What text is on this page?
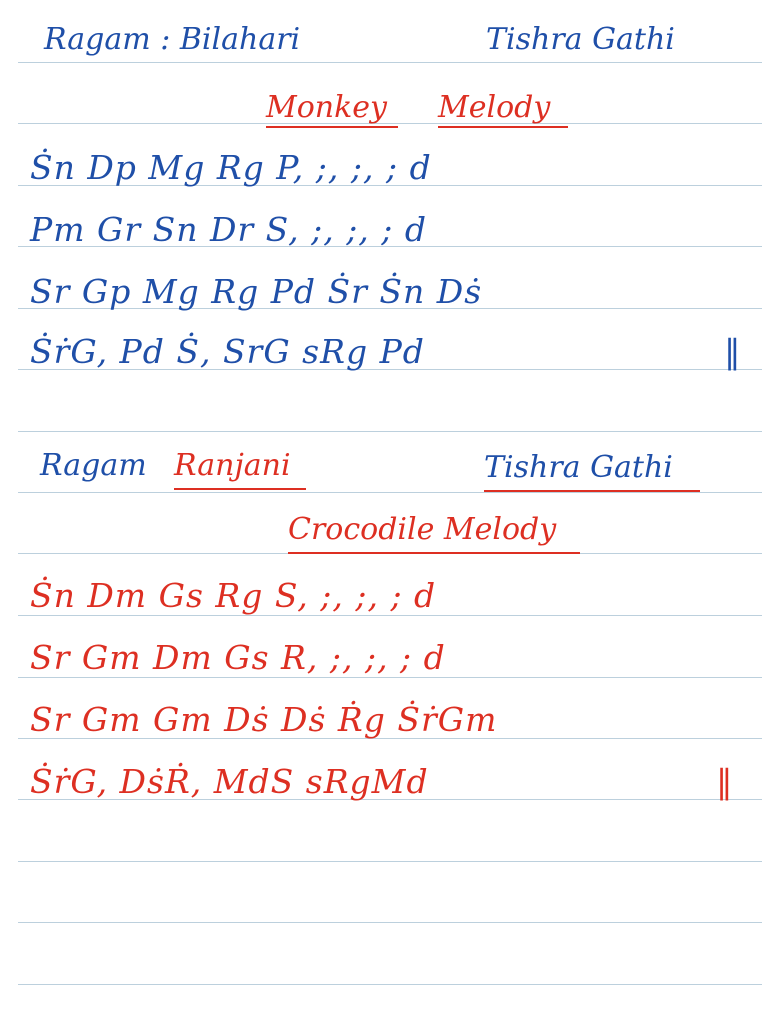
Ragam : Bilahari	Tishra Gathi
Monkey Melody
Ṡn Dp Mg Rg P, ;, ;, ; d
Pm Gr Sn Dr S, ;, ;, ; d
Sr Gp Mg Rg Pd Ṡr Ṡn Dṡ
ṠṙG, Pd Ṡ, SrG sRg Pd	‖
Ragam Ranjani	Tishra Gathi
Crocodile Melody
Ṡn Dm Gs Rg S, ;, ;, ; d
Sr Gm Dm Gs R, ;, ;, ; d
Sr Gm Gm Dṡ Dṡ Ṙg ṠṙGm
ṠṙG, DṡṘ, MdS sRgMd	‖
